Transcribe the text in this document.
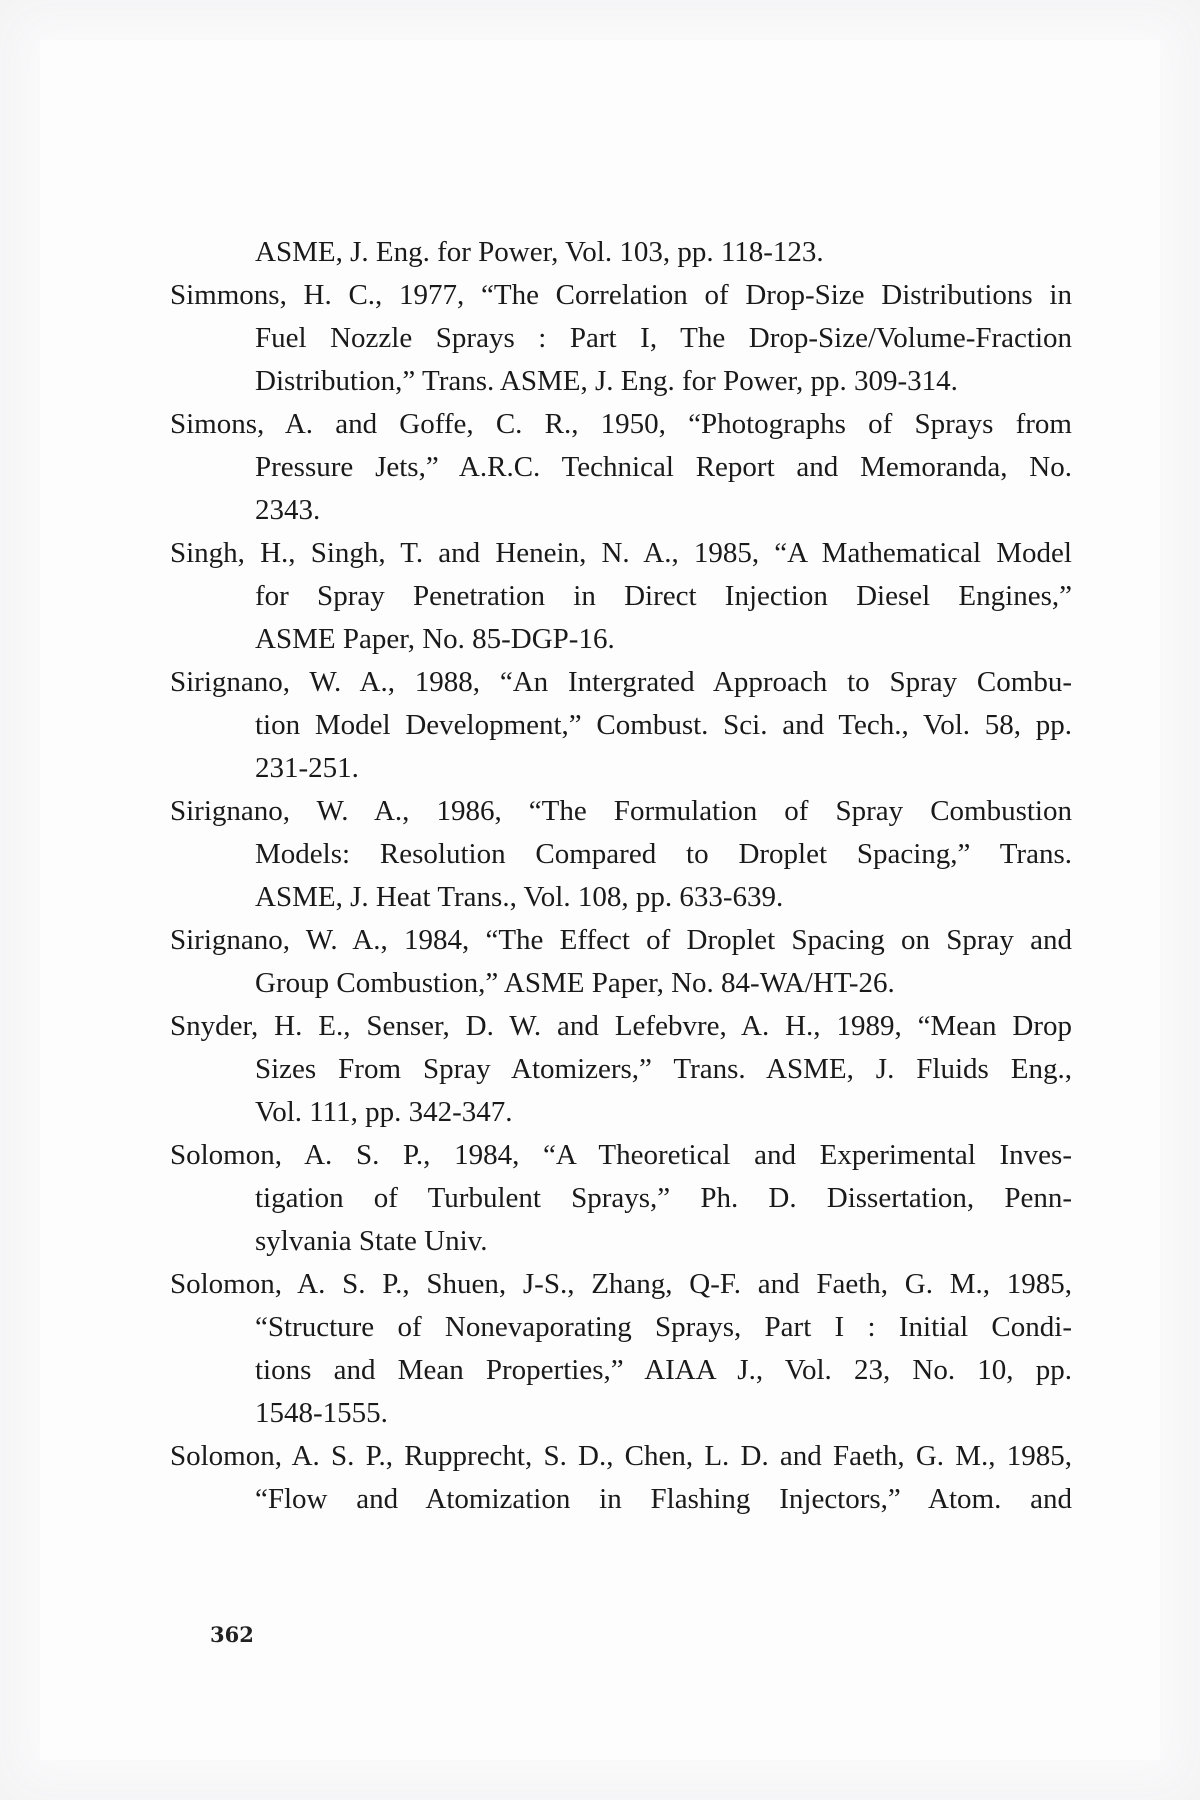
ASME, J. Eng. for Power, Vol. 103, pp. 118-123.
Simmons, H. C., 1977, “The Correlation of Drop-Size Distributions in
Fuel Nozzle Sprays : Part I, The Drop-Size/Volume-Fraction
Distribution,” Trans. ASME, J. Eng. for Power, pp. 309-314.
Simons, A. and Goffe, C. R., 1950, “Photographs of Sprays from
Pressure Jets,” A.R.C. Technical Report and Memoranda, No.
2343.
Singh, H., Singh, T. and Henein, N. A., 1985, “A Mathematical Model
for Spray Penetration in Direct Injection Diesel Engines,”
ASME Paper, No. 85-DGP-16.
Sirignano, W. A., 1988, “An Intergrated Approach to Spray Combu-
tion Model Development,” Combust. Sci. and Tech., Vol. 58, pp.
231-251.
Sirignano, W. A., 1986, “The Formulation of Spray Combustion
Models: Resolution Compared to Droplet Spacing,” Trans.
ASME, J. Heat Trans., Vol. 108, pp. 633-639.
Sirignano, W. A., 1984, “The Effect of Droplet Spacing on Spray and
Group Combustion,” ASME Paper, No. 84-WA/HT-26.
Snyder, H. E., Senser, D. W. and Lefebvre, A. H., 1989, “Mean Drop
Sizes From Spray Atomizers,” Trans. ASME, J. Fluids Eng.,
Vol. 111, pp. 342-347.
Solomon, A. S. P., 1984, “A Theoretical and Experimental Inves-
tigation of Turbulent Sprays,” Ph. D. Dissertation, Penn-
sylvania State Univ.
Solomon, A. S. P., Shuen, J-S., Zhang, Q-F. and Faeth, G. M., 1985,
“Structure of Nonevaporating Sprays, Part I : Initial Condi-
tions and Mean Properties,” AIAA J., Vol. 23, No. 10, pp.
1548-1555.
Solomon, A. S. P., Rupprecht, S. D., Chen, L. D. and Faeth, G. M., 1985,
“Flow and Atomization in Flashing Injectors,” Atom. and
362
